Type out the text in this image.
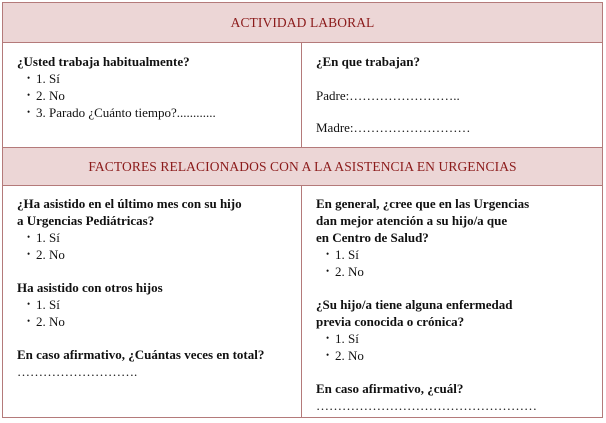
ACTIVIDAD LABORAL

¿Usted trabaja habitualmente?

• 1. Sí
• 2. No
• 3. Parado ¿Cuánto tiempo?............

¿En que trabajan?

Padre:……………………..

Madre:………………………

FACTORES RELACIONADOS CON A LA ASISTENCIA EN URGENCIAS

¿Ha asistido en el último mes con su hijo

a Urgencias Pediátricas?

• 1. Sí
• 2. No

Ha asistido con otros hijos

• 1. Sí
• 2. No

En caso afirmativo, ¿Cuántas veces en total?

……………………….

En general, ¿cree que en las Urgencias

dan mejor atención a su hijo/a que

en Centro de Salud?

• 1. Sí
• 2. No

¿Su hijo/a tiene alguna enfermedad

previa conocida o crónica?

• 1. Sí
• 2. No

En caso afirmativo, ¿cuál?

……………………………………………
